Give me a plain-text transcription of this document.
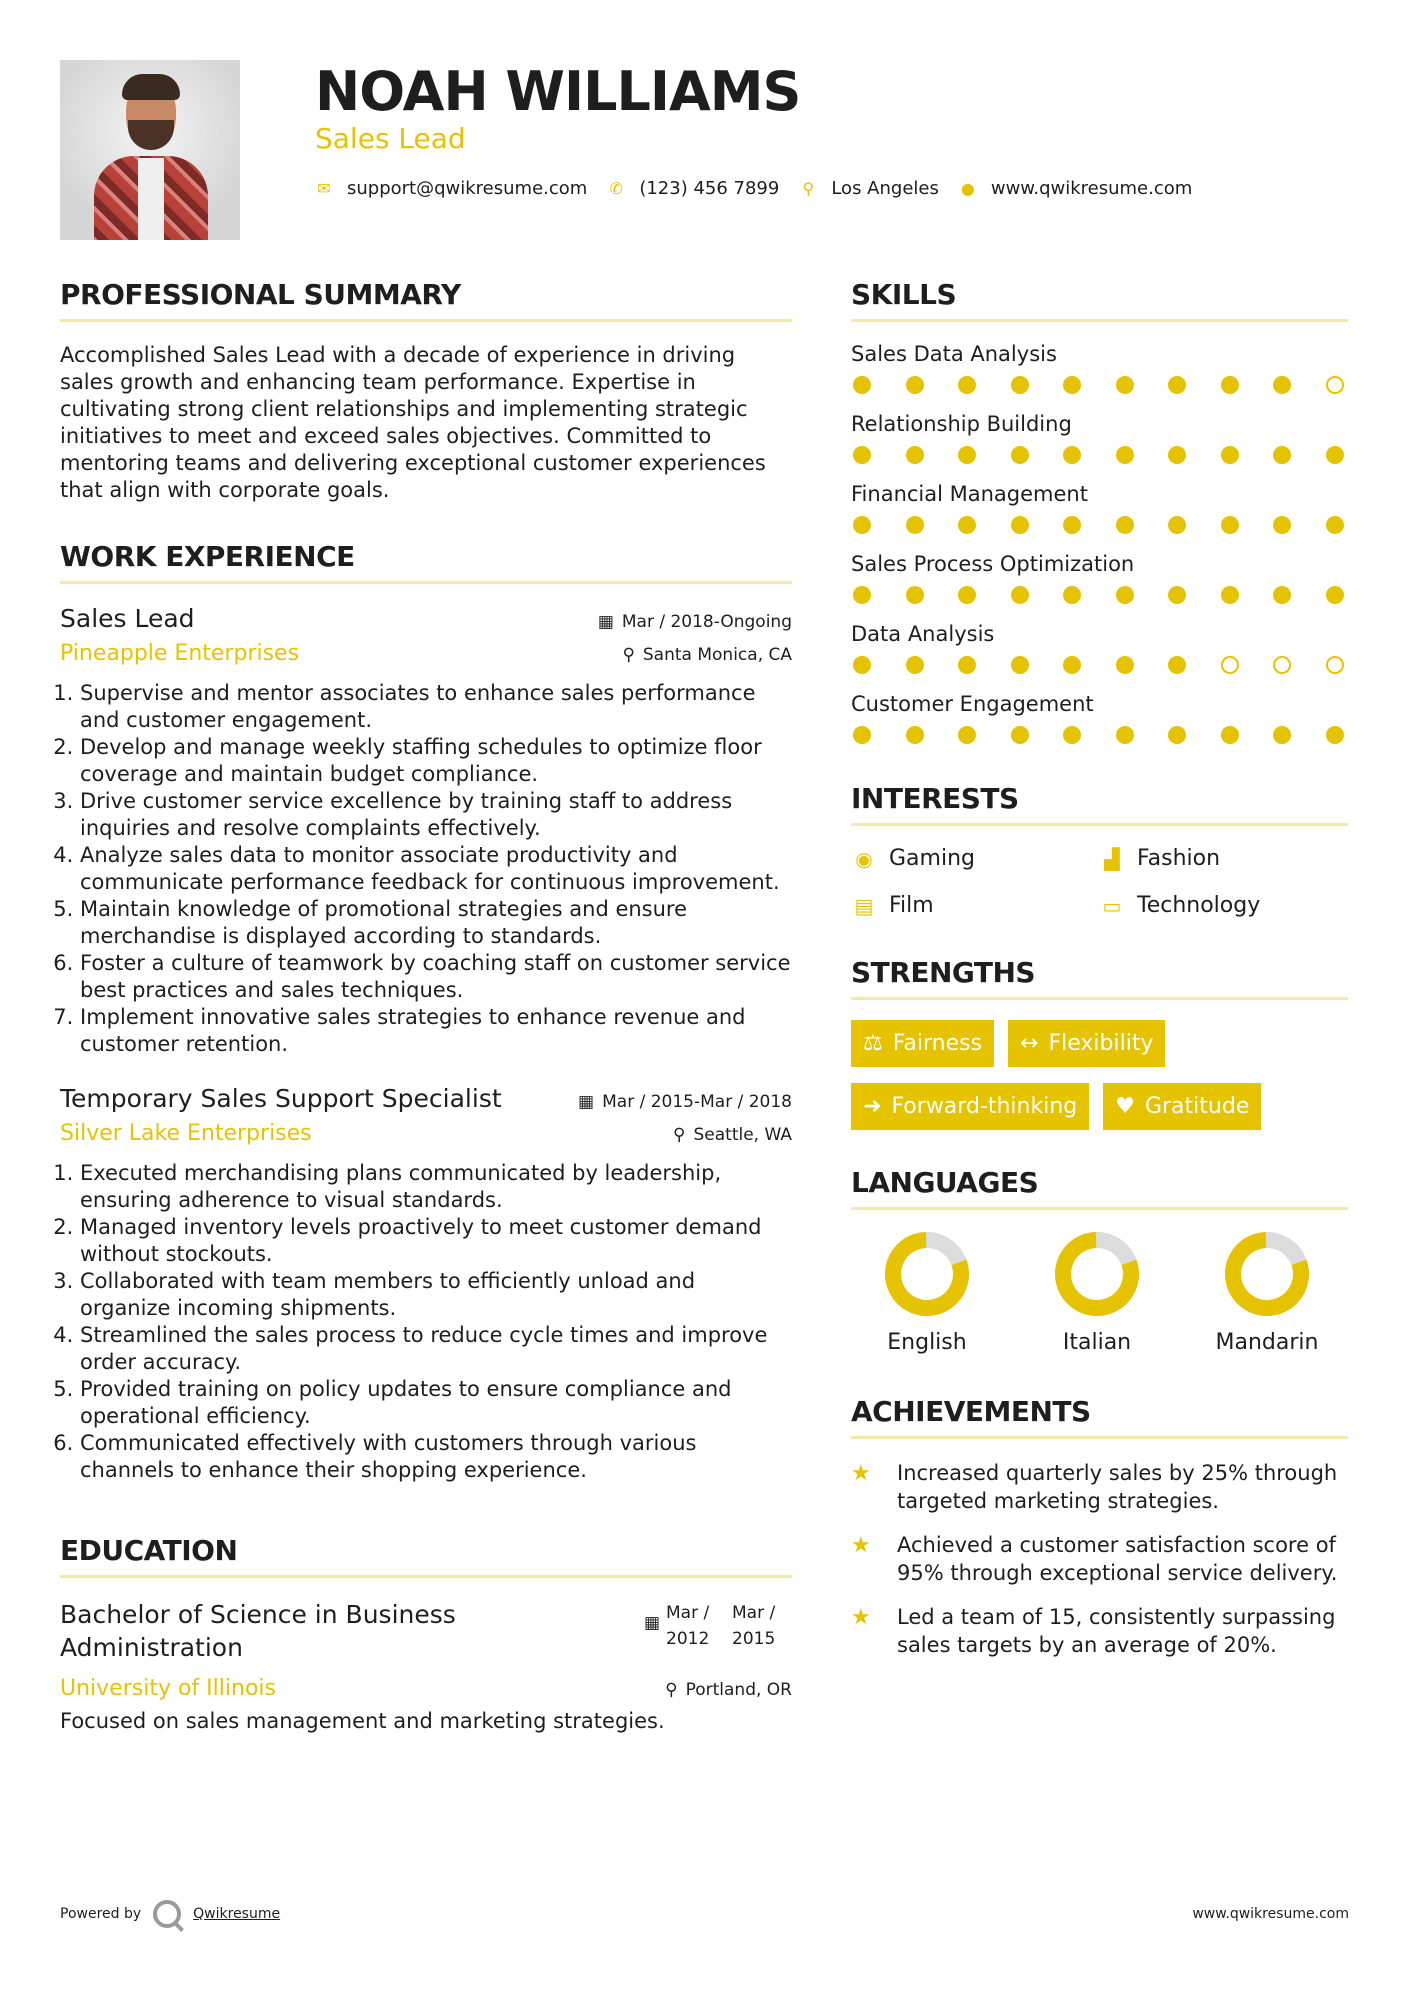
NOAH WILLIAMS
Sales Lead
✉ support@qwikresume.com ✆ (123) 456 7899 ⚲ Los Angeles ● www.qwikresume.com
PROFESSIONAL SUMMARY

Accomplished Sales Lead with a decade of experience in driving sales growth and enhancing team performance. Expertise in cultivating strong client relationships and implementing strategic initiatives to meet and exceed sales objectives. Committed to mentoring teams and delivering exceptional customer experiences that align with corporate goals.

WORK EXPERIENCE
Sales Lead	▦ Mar / 2018-Ongoing
Pineapple Enterprises	⚲ Santa Monica, CA
1. Supervise and mentor associates to enhance sales performance and customer engagement.
2. Develop and manage weekly staffing schedules to optimize floor coverage and maintain budget compliance.
3. Drive customer service excellence by training staff to address inquiries and resolve complaints effectively.
4. Analyze sales data to monitor associate productivity and communicate performance feedback for continuous improvement.
5. Maintain knowledge of promotional strategies and ensure merchandise is displayed according to standards.
6. Foster a culture of teamwork by coaching staff on customer service best practices and sales techniques.
7. Implement innovative sales strategies to enhance revenue and customer retention.
Temporary Sales Support Specialist	▦ Mar / 2015-Mar / 2018
Silver Lake Enterprises	⚲ Seattle, WA
1. Executed merchandising plans communicated by leadership, ensuring adherence to visual standards.
2. Managed inventory levels proactively to meet customer demand without stockouts.
3. Collaborated with team members to efficiently unload and organize incoming shipments.
4. Streamlined the sales process to reduce cycle times and improve order accuracy.
5. Provided training on policy updates to ensure compliance and operational efficiency.
6. Communicated effectively with customers through various channels to enhance their shopping experience.
EDUCATION
Bachelor of Science in Business Administration
▦ Mar /
2012
Mar /
2015
University of Illinois	⚲ Portland, OR
Focused on sales management and marketing strategies.
SKILLS
Sales Data Analysis
Relationship Building
Financial Management
Sales Process Optimization
Data Analysis
Customer Engagement
INTERESTS
◉ Gaming	▟ Fashion
▤ Film	▭ Technology
STRENGTHS
⚖ Fairness ↔ Flexibility
➜ Forward-thinking ♥ Gratitude
LANGUAGES
English	Italian	Mandarin
ACHIEVEMENTS
★	Increased quarterly sales by 25% through targeted marketing strategies.
★	Achieved a customer satisfaction score of 95% through exceptional service delivery.
★	Led a team of 15, consistently surpassing sales targets by an average of 20%.
Powered by	Qwikresume	www.qwikresume.com
